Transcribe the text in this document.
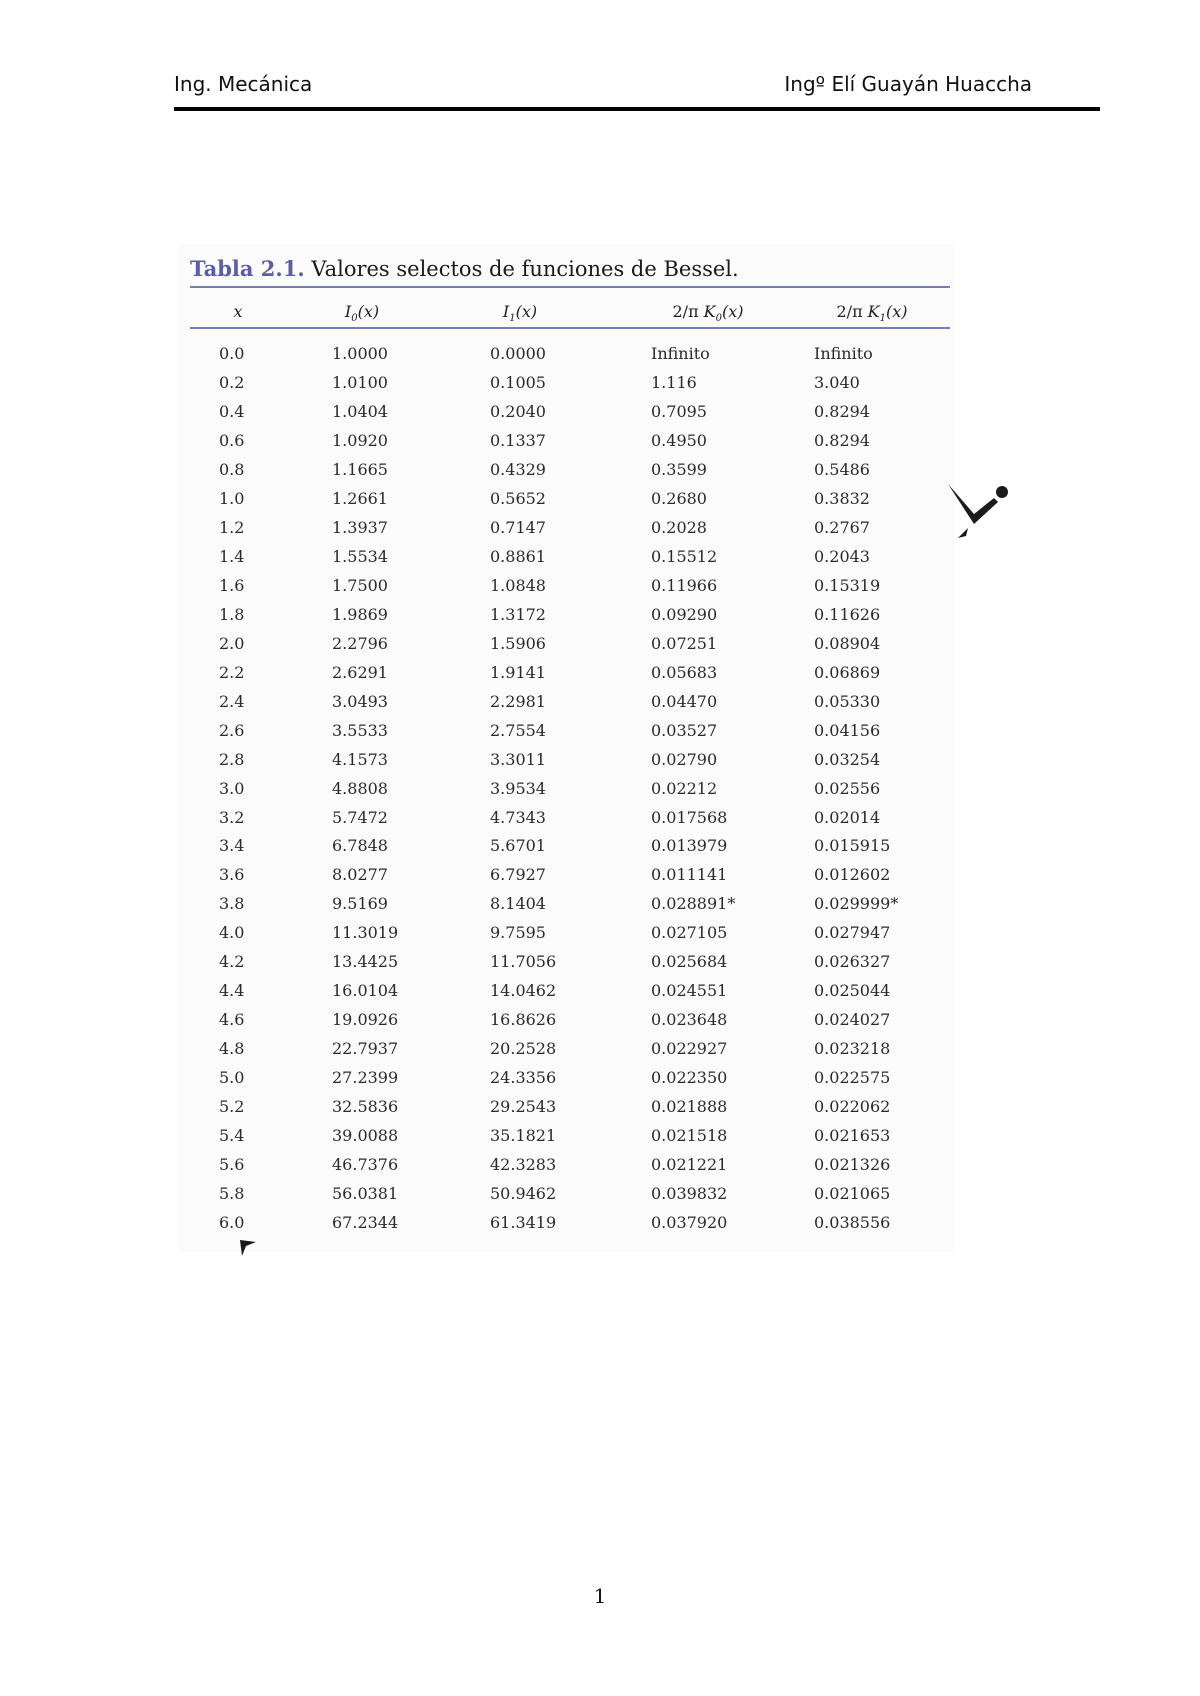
Ing. Mecánica	Ingº Elí Guayán Huaccha
Tabla 2.1. Valores selectos de funciones de Bessel.
x	$I_0(x)$	$I_1(x)$	2/π $K_0(x)$	2/π $K_1(x)$
0.0	1.0000	0.0000	Infinito	Infinito
0.2	1.0100	0.1005	1.116	3.040
0.4	1.0404	0.2040	0.7095	0.8294
0.6	1.0920	0.1337	0.4950	0.8294
0.8	1.1665	0.4329	0.3599	0.5486
1.0	1.2661	0.5652	0.2680	0.3832
1.2	1.3937	0.7147	0.2028	0.2767
1.4	1.5534	0.8861	0.15512	0.2043
1.6	1.7500	1.0848	0.11966	0.15319
1.8	1.9869	1.3172	0.09290	0.11626
2.0	2.2796	1.5906	0.07251	0.08904
2.2	2.6291	1.9141	0.05683	0.06869
2.4	3.0493	2.2981	0.04470	0.05330
2.6	3.5533	2.7554	0.03527	0.04156
2.8	4.1573	3.3011	0.02790	0.03254
3.0	4.8808	3.9534	0.02212	0.02556
3.2	5.7472	4.7343	0.017568	0.02014
3.4	6.7848	5.6701	0.013979	0.015915
3.6	8.0277	6.7927	0.011141	0.012602
3.8	9.5169	8.1404	0.028891*	0.029999*
4.0	11.3019	9.7595	0.027105	0.027947
4.2	13.4425	11.7056	0.025684	0.026327
4.4	16.0104	14.0462	0.024551	0.025044
4.6	19.0926	16.8626	0.023648	0.024027
4.8	22.7937	20.2528	0.022927	0.023218
5.0	27.2399	24.3356	0.022350	0.022575
5.2	32.5836	29.2543	0.021888	0.022062
5.4	39.0088	35.1821	0.021518	0.021653
5.6	46.7376	42.3283	0.021221	0.021326
5.8	56.0381	50.9462	0.039832	0.021065
6.0	67.2344	61.3419	0.037920	0.038556
1
